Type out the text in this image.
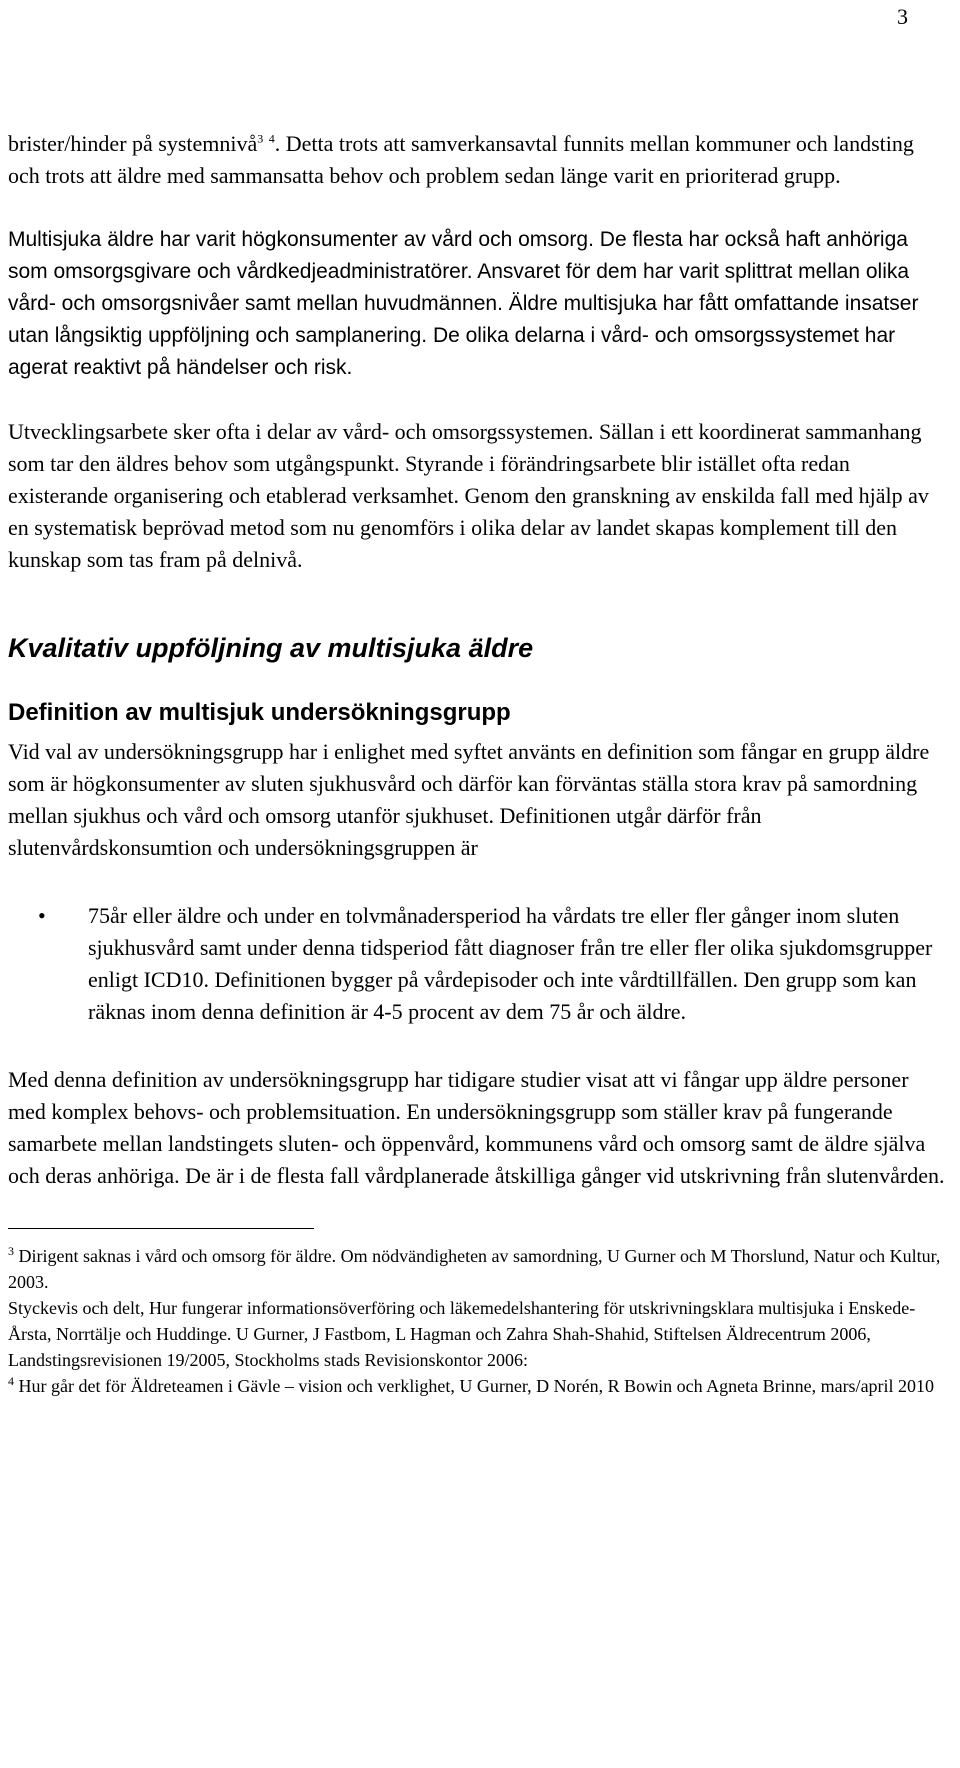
3

brister/hinder på systemnivå$^3$ $^4$. Detta trots att samverkansavtal funnits mellan kommuner och landsting och trots att äldre med sammansatta behov och problem sedan länge varit en prioriterad grupp.

Multisjuka äldre har varit högkonsumenter av vård och omsorg. De flesta har också haft anhöriga som omsorgsgivare och vårdkedjeadministratörer. Ansvaret för dem har varit splittrat mellan olika vård- och omsorgsnivåer samt mellan huvudmännen. Äldre multisjuka har fått omfattande insatser utan långsiktig uppföljning och samplanering. De olika delarna i vård- och omsorgssystemet har agerat reaktivt på händelser och risk.

Utvecklingsarbete sker ofta i delar av vård- och omsorgssystemen. Sällan i ett koordinerat sammanhang som tar den äldres behov som utgångspunkt. Styrande i förändringsarbete blir istället ofta redan existerande organisering och etablerad verksamhet. Genom den granskning av enskilda fall med hjälp av en systematisk beprövad metod som nu genomförs i olika delar av landet skapas komplement till den kunskap som tas fram på delnivå.

Kvalitativ uppföljning av multisjuka äldre
Definition av multisjuk undersökningsgrupp

Vid val av undersökningsgrupp har i enlighet med syftet använts en definition som fångar en grupp äldre som är högkonsumenter av sluten sjukhusvård och därför kan förväntas ställa stora krav på samordning mellan sjukhus och vård och omsorg utanför sjukhuset. Definitionen utgår därför från slutenvårdskonsumtion och undersökningsgruppen är

• 75år eller äldre och under en tolvmånadersperiod ha vårdats tre eller fler gånger inom sluten sjukhusvård samt under denna tidsperiod fått diagnoser från tre eller fler olika sjukdomsgrupper enligt ICD10. Definitionen bygger på vårdepisoder och inte vårdtillfällen. Den grupp som kan räknas inom denna definition är 4-5 procent av dem 75 år och äldre.

Med denna definition av undersökningsgrupp har tidigare studier visat att vi fångar upp äldre personer med komplex behovs- och problemsituation. En undersökningsgrupp som ställer krav på fungerande samarbete mellan landstingets sluten- och öppenvård, kommunens vård och omsorg samt de äldre själva och deras anhöriga. De är i de flesta fall vårdplanerade åtskilliga gånger vid utskrivning från slutenvården.

$^3$ Dirigent saknas i vård och omsorg för äldre. Om nödvändigheten av samordning, U Gurner och M Thorslund, Natur och Kultur, 2003.

Styckevis och delt, Hur fungerar informationsöverföring och läkemedelshantering för utskrivningsklara multisjuka i Enskede-Årsta, Norrtälje och Huddinge. U Gurner, J Fastbom, L Hagman och Zahra Shah-Shahid, Stiftelsen Äldrecentrum 2006, Landstingsrevisionen 19/2005, Stockholms stads Revisionskontor 2006:

$^4$ Hur går det för Äldreteamen i Gävle – vision och verklighet, U Gurner, D Norén, R Bowin och Agneta Brinne, mars/april 2010
